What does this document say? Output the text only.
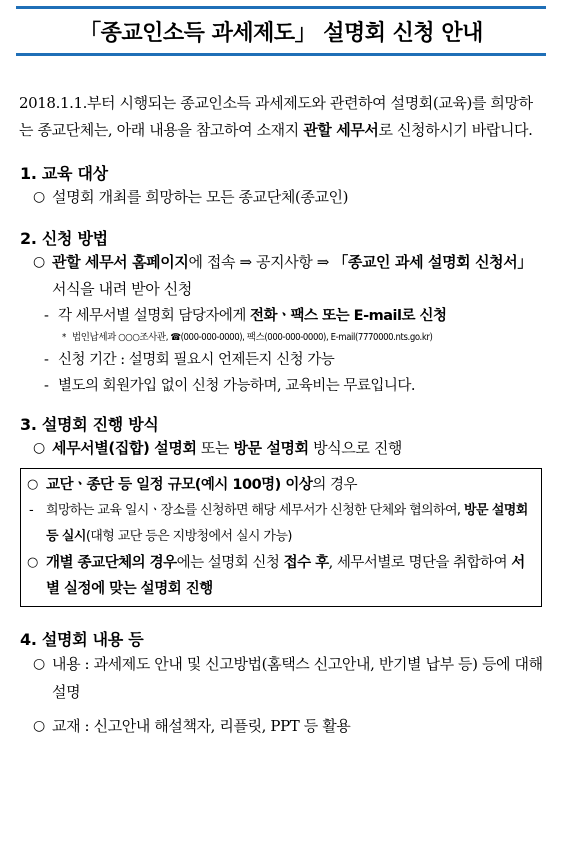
「종교인소득 과세제도」 설명회 신청 안내
2018.1.1.부터 시행되는 종교인소득 과세제도와 관련하여 설명회(교육)를 희망하는 종교단체는, 아래 내용을 참고하여 소재지 관할 세무서로 신청하시기 바랍니다.
1. 교육 대상
○ 설명회 개최를 희망하는 모든 종교단체(종교인)
2. 신청 방법
○ 관할 세무서 홈페이지에 접속 ⇒ 공지사항 ⇒ 「종교인 과세 설명회 신청서」서식을 내려 받아 신청
- 각 세무서별 설명회 담당자에게 전화ㆍ팩스 또는 E-mail로 신청
* 법인납세과 ○○○조사관, ☎(000-000-0000), 팩스(000-000-0000), E-mail(7770000.nts.go.kr)
- 신청 기간 : 설명회 필요시 언제든지 신청 가능
- 별도의 회원가입 없이 신청 가능하며, 교육비는 무료입니다.
3. 설명회 진행 방식
○ 세무서별(집합) 설명회 또는 방문 설명회 방식으로 진행
○ 교단ㆍ종단 등 일정 규모(예시 100명) 이상의 경우
- 희망하는 교육 일시ㆍ장소를 신청하면 해당 세무서가 신청한 단체와 협의하여, 방문 설명회 등 실시(대형 교단 등은 지방청에서 실시 가능)
○ 개별 종교단체의 경우에는 설명회 신청 접수 후, 세무서별로 명단을 취합하여 서별 실정에 맞는 설명회 진행
4. 설명회 내용 등
○ 내용 : 과세제도 안내 및 신고방법(홈택스 신고안내, 반기별 납부 등) 등에 대해 설명
○ 교재 : 신고안내 해설책자, 리플릿, PPT 등 활용
